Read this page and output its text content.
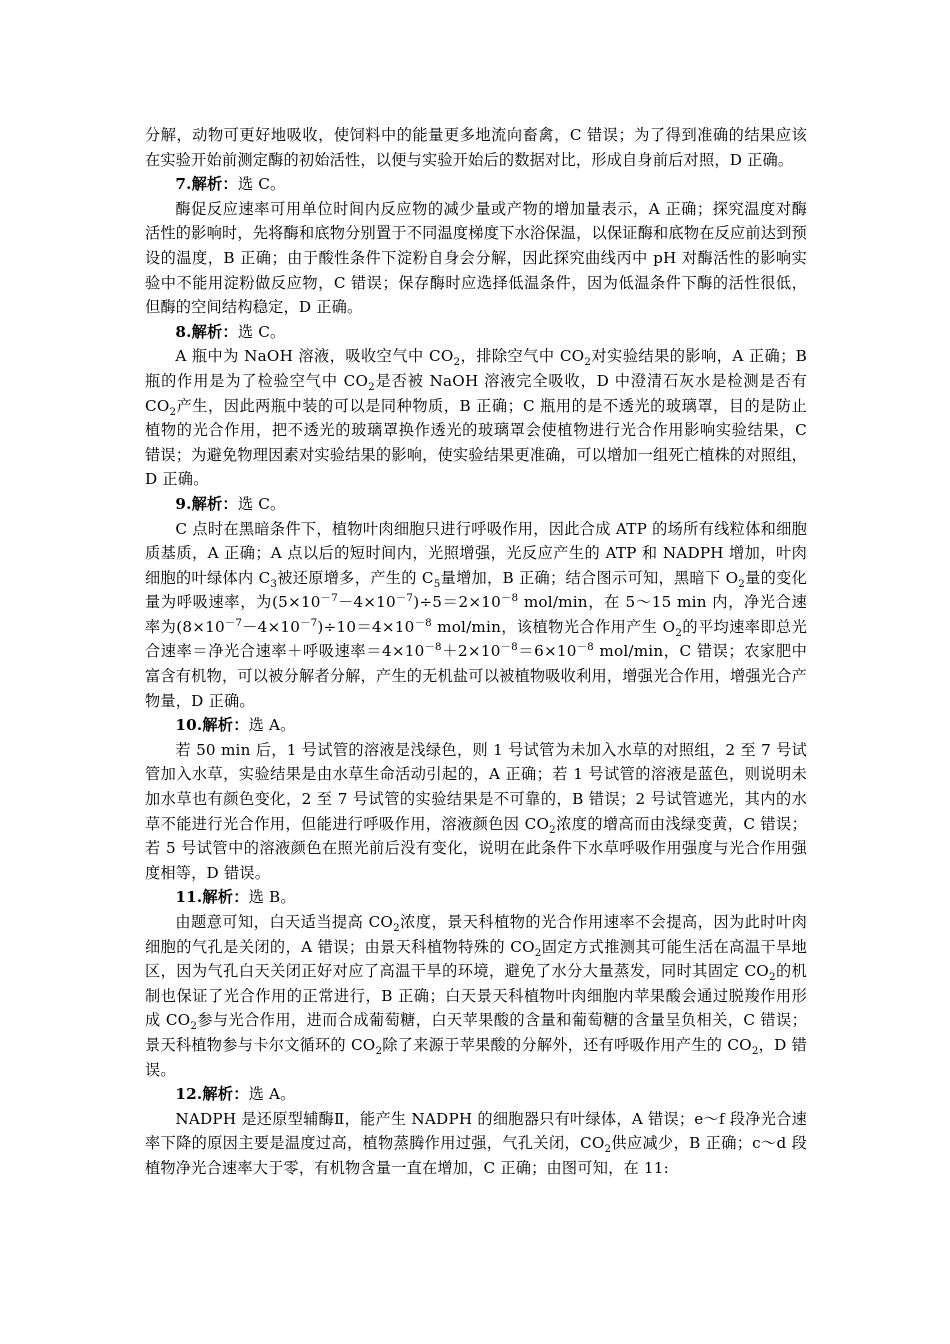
分解，动物可更好地吸收，使饲料中的能量更多地流向畜禽，C 错误；为了得到准确的结果应该在实验开始前测定酶的初始活性，以便与实验开始后的数据对比，形成自身前后对照，D 正确。

7.解析：选 C。

酶促反应速率可用单位时间内反应物的减少量或产物的增加量表示，A 正确；探究温度对酶活性的影响时，先将酶和底物分别置于不同温度梯度下水浴保温，以保证酶和底物在反应前达到预设的温度，B 正确；由于酸性条件下淀粉自身会分解，因此探究曲线丙中 pH 对酶活性的影响实验中不能用淀粉做反应物，C 错误；保存酶时应选择低温条件，因为低温条件下酶的活性很低，但酶的空间结构稳定，D 正确。

8.解析：选 C。

A 瓶中为 NaOH 溶液，吸收空气中 $CO_2$，排除空气中 $CO_2$对实验结果的影响，A 正确；B 瓶的作用是为了检验空气中 $CO_2$是否被 NaOH 溶液完全吸收，D 中澄清石灰水是检测是否有 $CO_2$产生，因此两瓶中装的可以是同种物质，B 正确；C 瓶用的是不透光的玻璃罩，目的是防止植物的光合作用，把不透光的玻璃罩换作透光的玻璃罩会使植物进行光合作用影响实验结果，C 错误；为避免物理因素对实验结果的影响，使实验结果更准确，可以增加一组死亡植株的对照组，D 正确。

9.解析：选 C。

C 点时在黑暗条件下，植物叶肉细胞只进行呼吸作用，因此合成 ATP 的场所有线粒体和细胞质基质，A 正确；A 点以后的短时间内，光照增强，光反应产生的 ATP 和 NADPH 增加，叶肉细胞的叶绿体内 $C_3$被还原增多，产生的 $C_5$量增加，B 正确；结合图示可知，黑暗下 $O_2$量的变化量为呼吸速率，为$(5\times 10^{-7}-4\times 10^{-7})\div 5=2\times 10^{-8}$ mol/min，在 5～15 min 内，净光合速率为$(8\times 10^{-7}-4\times 10^{-7})\div 10=4\times 10^{-8}$ mol/min，该植物光合作用产生 $O_2$的平均速率即总光合速率＝净光合速率＋呼吸速率$=4\times 10^{-8}+2\times 10^{-8}=6\times 10^{-8}$ mol/min，C 错误；农家肥中富含有机物，可以被分解者分解，产生的无机盐可以被植物吸收利用，增强光合作用，增强光合产物量，D 正确。

10.解析：选 A。

若 50 min 后，1 号试管的溶液是浅绿色，则 1 号试管为未加入水草的对照组，2 至 7 号试管加入水草，实验结果是由水草生命活动引起的，A 正确；若 1 号试管的溶液是蓝色，则说明未加水草也有颜色变化，2 至 7 号试管的实验结果是不可靠的，B 错误；2 号试管遮光，其内的水草不能进行光合作用，但能进行呼吸作用，溶液颜色因 $CO_2$浓度的增高而由浅绿变黄，C 错误；若 5 号试管中的溶液颜色在照光前后没有变化，说明在此条件下水草呼吸作用强度与光合作用强度相等，D 错误。

11.解析：选 B。

由题意可知，白天适当提高 $CO_2$浓度，景天科植物的光合作用速率不会提高，因为此时叶肉细胞的气孔是关闭的，A 错误；由景天科植物特殊的 $CO_2$固定方式推测其可能生活在高温干旱地区，因为气孔白天关闭正好对应了高温干旱的环境，避免了水分大量蒸发，同时其固定 $CO_2$的机制也保证了光合作用的正常进行，B 正确；白天景天科植物叶肉细胞内苹果酸会通过脱羧作用形成 $CO_2$参与光合作用，进而合成葡萄糖，白天苹果酸的含量和葡萄糖的含量呈负相关，C 错误；景天科植物参与卡尔文循环的 $CO_2$除了来源于苹果酸的分解外，还有呼吸作用产生的 $CO_2$，D 错误。

12.解析：选 A。

NADPH 是还原型辅酶Ⅱ，能产生 NADPH 的细胞器只有叶绿体，A 错误；e～f 段净光合速率下降的原因主要是温度过高，植物蒸腾作用过强，气孔关闭，$CO_2$供应减少，B 正确；c～d 段植物净光合速率大于零，有机物含量一直在增加，C 正确；由图可知，在 11:
